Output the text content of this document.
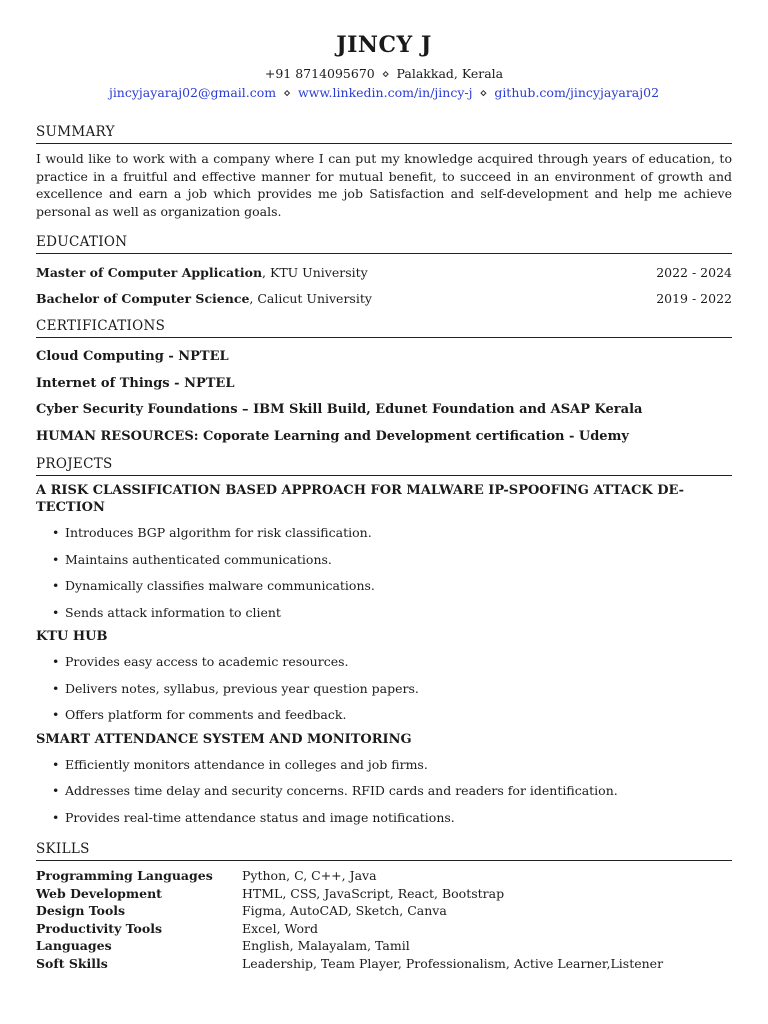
JINCY J
+91 8714095670 ⋄ Palakkad, Kerala
jincyjayaraj02@gmail.com ⋄ www.linkedin.com/in/jincy-j ⋄ github.com/jincyjayaraj02
SUMMARY
I would like to work with a company where I can put my knowledge acquired through years of education, to practice in a fruitful and effective manner for mutual benefit, to succeed in an environment of growth and excellence and earn a job which provides me job Satisfaction and self-development and help me achieve personal as well as organization goals.
EDUCATION
Master of Computer Application, KTU University	2022 - 2024
Bachelor of Computer Science, Calicut University	2019 - 2022
CERTIFICATIONS
Cloud Computing - NPTEL
Internet of Things - NPTEL
Cyber Security Foundations – IBM Skill Build, Edunet Foundation and ASAP Kerala
HUMAN RESOURCES: Coporate Learning and Development certification - Udemy
PROJECTS
A RISK CLASSIFICATION BASED APPROACH FOR MALWARE IP-SPOOFING ATTACK DE-TECTION
• Introduces BGP algorithm for risk classification.
• Maintains authenticated communications.
• Dynamically classifies malware communications.
• Sends attack information to client
KTU HUB
• Provides easy access to academic resources.
• Delivers notes, syllabus, previous year question papers.
• Offers platform for comments and feedback.
SMART ATTENDANCE SYSTEM AND MONITORING
• Efficiently monitors attendance in colleges and job firms.
• Addresses time delay and security concerns. RFID cards and readers for identification.
• Provides real-time attendance status and image notifications.
SKILLS
Programming Languages	Python, C, C++, Java
Web Development	HTML, CSS, JavaScript, React, Bootstrap
Design Tools	Figma, AutoCAD, Sketch, Canva
Productivity Tools	Excel, Word
Languages	English, Malayalam, Tamil
Soft Skills	Leadership, Team Player, Professionalism, Active Learner,Listener
